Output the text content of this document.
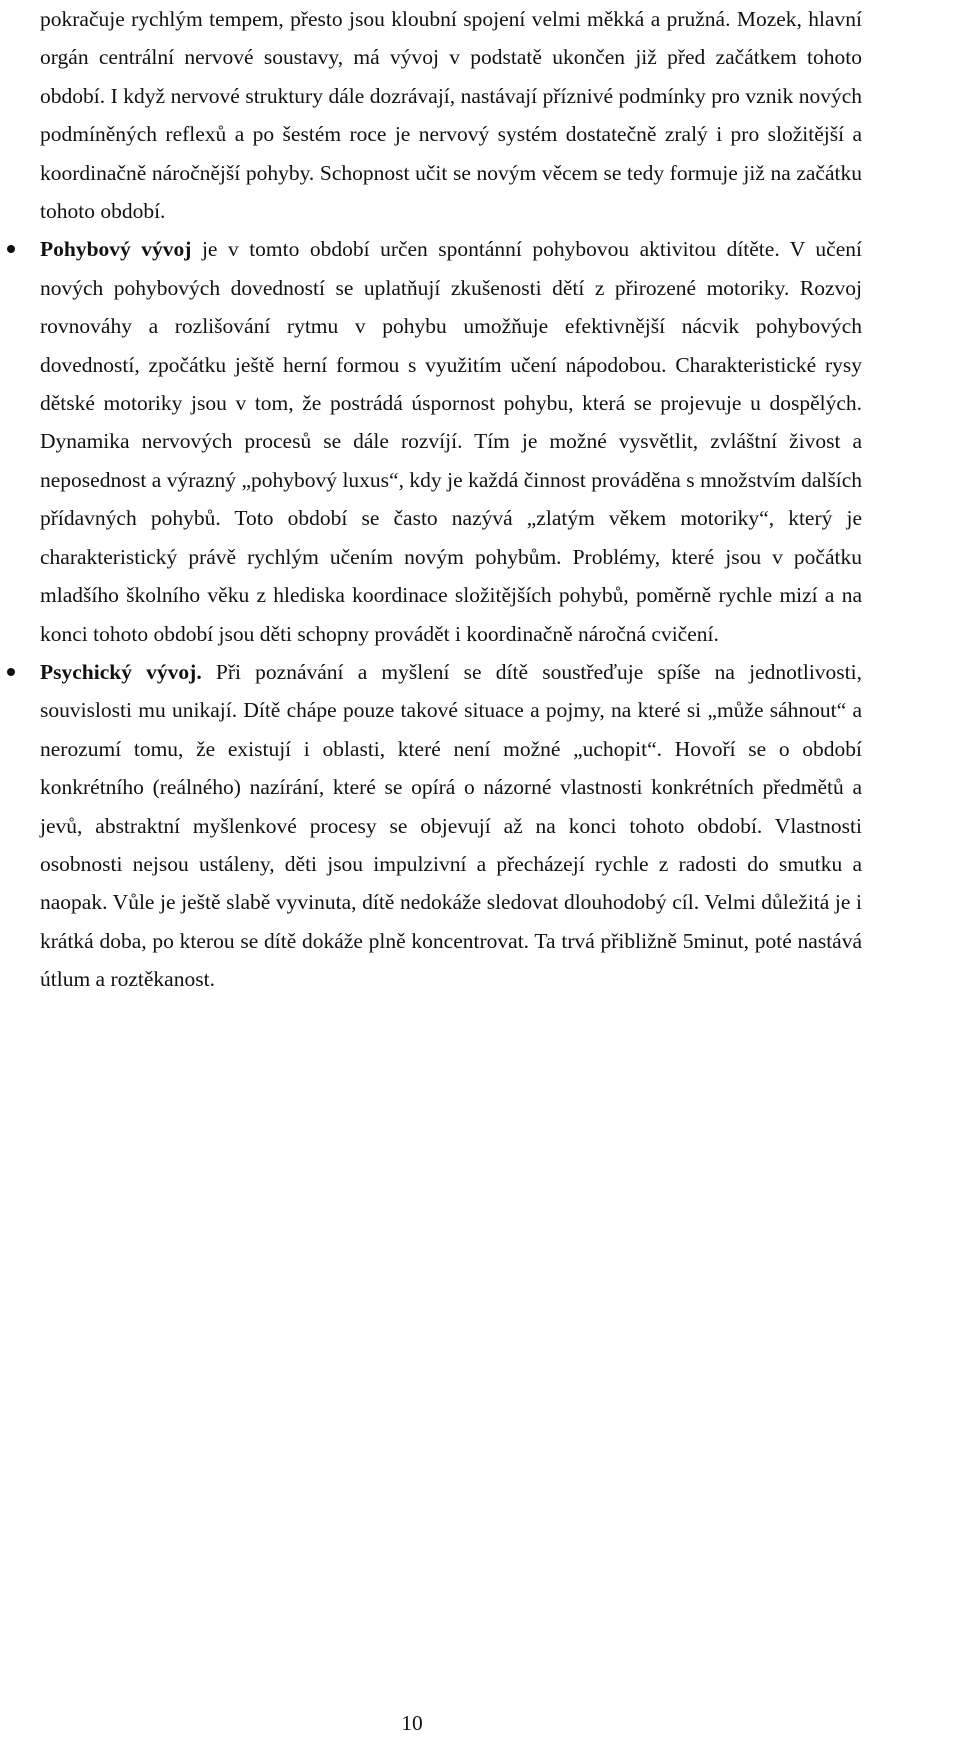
pokračuje rychlým tempem, přesto jsou kloubní spojení velmi měkká a pružná. Mozek, hlavní orgán centrální nervové soustavy, má vývoj v podstatě ukončen již před začátkem tohoto období. I když nervové struktury dále dozrávají, nastávají příznivé podmínky pro vznik nových podmíněných reflexů a po šestém roce je nervový systém dostatečně zralý i pro složitější a koordinačně náročnější pohyby. Schopnost učit se novým věcem se tedy formuje již na začátku tohoto období.

Pohybový vývoj je v tomto období určen spontánní pohybovou aktivitou dítěte. V učení nových pohybových dovedností se uplatňují zkušenosti dětí z přirozené motoriky. Rozvoj rovnováhy a rozlišování rytmu v pohybu umožňuje efektivnější nácvik pohybových dovedností, zpočátku ještě herní formou s využitím učení nápodobou. Charakteristické rysy dětské motoriky jsou v tom, že postrádá úspornost pohybu, která se projevuje u dospělých. Dynamika nervových procesů se dále rozvíjí. Tím je možné vysvětlit, zvláštní živost a neposednost a výrazný „pohybový luxus“, kdy je každá činnost prováděna s množstvím dalších přídavných pohybů. Toto období se často nazývá „zlatým věkem motoriky“, který je charakteristický právě rychlým učením novým pohybům. Problémy, které jsou v počátku mladšího školního věku z hlediska koordinace složitějších pohybů, poměrně rychle mizí a na konci tohoto období jsou děti schopny provádět i koordinačně náročná cvičení.
Psychický vývoj. Při poznávání a myšlení se dítě soustřeďuje spíše na jednotlivosti, souvislosti mu unikají. Dítě chápe pouze takové situace a pojmy, na které si „může sáhnout“ a nerozumí tomu, že existují i oblasti, které není možné „uchopit“. Hovoří se o období konkrétního (reálného) nazírání, které se opírá o názorné vlastnosti konkrétních předmětů a jevů, abstraktní myšlenkové procesy se objevují až na konci tohoto období. Vlastnosti osobnosti nejsou ustáleny, děti jsou impulzivní a přecházejí rychle z radosti do smutku a naopak. Vůle je ještě slabě vyvinuta, dítě nedokáže sledovat dlouhodobý cíl. Velmi důležitá je i krátká doba, po kterou se dítě dokáže plně koncentrovat. Ta trvá přibližně 5minut, poté nastává útlum a roztěkanost.
10
